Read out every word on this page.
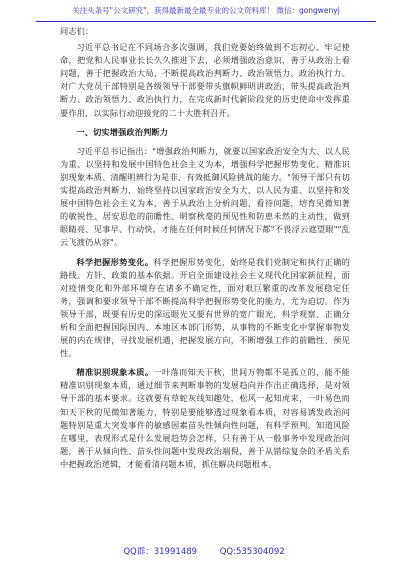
关注头条号"公文研究"，获得最新最全最专业的公文资料库！ 微信：gongwenyj

同志们：

习近平总书记在不同场合多次强调，我们党要始终做到不忘初心、牢记使命，把党和人民事业长长久久推进下去，必须增强政治意识，善于从政治上看问题，善于把握政治大局，不断提高政治判断力、政治领悟力、政治执行力。对广大党员干部特别是各级领导干部要带头旗帜鲜明讲政治，带头提高政治判断力、政治领悟力、政治执行力，在完成新时代新阶段党的历史使命中发挥重要作用，以实际行动迎接党的二十大胜利召开。

一、切实增强政治判断力

习近平总书记指出："增强政治判断力，就要以国家政治安全为大、以人民为重、以坚持和发展中国特色社会主义为本，增强科学把握形势变化、精准识别现象本质、清醒明辨行为是非、有效抵御风险挑战的能力。"领导干部只有切实提高政治判断力，始终坚持以国家政治安全为大、以人民为重、以坚持和发展中国特色社会主义为本，善于从政治上分析问题、看待问题，培育见微知著的敏锐性、居安思危的前瞻性、明察秋毫的预见性和防患未然的主动性，做到眼睛亮、见事早、行动快，才能在任何时候任何情况下都"不畏浮云遮望眼""乱云飞渡仍从容"。

科学把握形势变化。科学把握形势变化，始终是我们党制定和执行正确的路线、方针、政策的基本依据。开启全面建设社会主义现代化国家新征程，面对疫情变化和外部环境存在诸多不确定性，面对艰巨繁重的改革发展稳定任务，强调和要求领导干部不断提高科学把握形势变化的能力，尤为迫切。作为领导干部，既要有历史的深远眼光又要有世界的宽广眼光，科学观察、正确分析和全面把握国际国内、本地区本部门形势，从事物的不断变化中掌握事物发展的内在规律，寻找发展机遇，把握发展方向，不断增强工作的前瞻性、预见性。

精准识别现象本质。一叶落而知天下秋，世间万物都不是孤立的，能不能精准识别现象本质，通过细节来判断事物的发展趋向并作出正确选择，是对领导干部的基本要求。这就要有草蛇灰线知趣处，松风一起知虎来，一叶易色而知天下秋的见微知著能力，特别是要能够透过现象看本质，对容易诱发政治问题特别是重大突发事件的敏感因素苗头性倾向性问题，有科学预判，知道风险在哪里，表现形式是什么发展趋势会怎样，只有善于从一般事务中发现政治问题，善于从倾向性、苗头性问题中发现政治端倪，善于从错综复杂的矛盾关系中把握政治逻辑，才能看清问题本质，抓住解决问题根本。

QQ群：31991489	QQ:535304092
